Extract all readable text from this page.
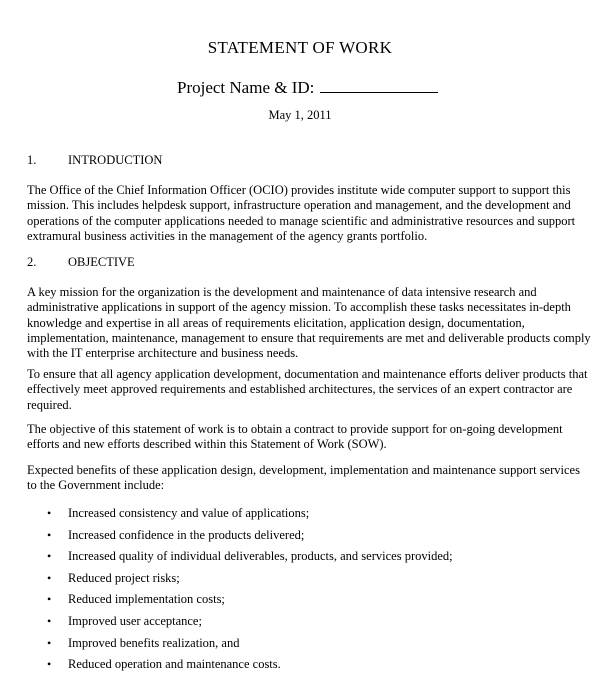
STATEMENT OF WORK
Project Name & ID:
May 1, 2011
1.	INTRODUCTION

The Office of the Chief Information Officer (OCIO) provides institute wide computer support to support this mission. This includes helpdesk support, infrastructure operation and management, and the development and operations of the computer applications needed to manage scientific and administrative resources and support extramural business activities in the management of the agency grants portfolio.

2.	OBJECTIVE

A key mission for the organization is the development and maintenance of data intensive research and administrative applications in support of the agency mission. To accomplish these tasks necessitates in-depth knowledge and expertise in all areas of requirements elicitation, application design, documentation, implementation, maintenance, management to ensure that requirements are met and deliverable products comply with the IT enterprise architecture and business needs.

To ensure that all agency application development, documentation and maintenance efforts deliver products that effectively meet approved requirements and established architectures, the services of an expert contractor are required.

The objective of this statement of work is to obtain a contract to provide support for on-going development efforts and new efforts described within this Statement of Work (SOW).

Expected benefits of these application design, development, implementation and maintenance support services to the Government include:

• Increased consistency and value of applications;
• Increased confidence in the products delivered;
• Increased quality of individual deliverables, products, and services provided;
• Reduced project risks;
• Reduced implementation costs;
• Improved user acceptance;
• Improved benefits realization, and
• Reduced operation and maintenance costs.
